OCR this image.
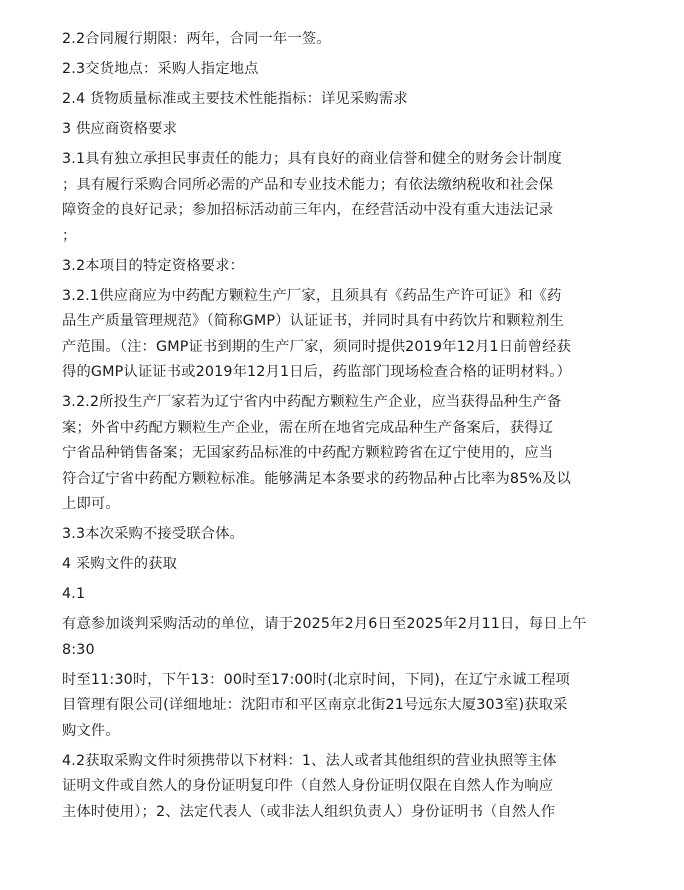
2.2合同履行期限：两年，合同一年一签。
2.3交货地点：采购人指定地点
2.4 货物质量标准或主要技术性能指标：详见采购需求
3 供应商资格要求
3.1具有独立承担民事责任的能力；具有良好的商业信誉和健全的财务会计制度
；具有履行采购合同所必需的产品和专业技术能力；有依法缴纳税收和社会保
障资金的良好记录；参加招标活动前三年内，在经营活动中没有重大违法记录
；
3.2本项目的特定资格要求：
3.2.1供应商应为中药配方颗粒生产厂家，且须具有《药品生产许可证》和《药
品生产质量管理规范》（简称GMP）认证证书，并同时具有中药饮片和颗粒剂生
产范围。（注：GMP证书到期的生产厂家，须同时提供2019年12月1日前曾经获
得的GMP认证证书或2019年12月1日后，药监部门现场检查合格的证明材料。）
3.2.2所投生产厂家若为辽宁省内中药配方颗粒生产企业，应当获得品种生产备
案；外省中药配方颗粒生产企业，需在所在地省完成品种生产备案后，获得辽
宁省品种销售备案；无国家药品标准的中药配方颗粒跨省在辽宁使用的，应当
符合辽宁省中药配方颗粒标准。能够满足本条要求的药物品种占比率为85%及以
上即可。
3.3本次采购不接受联合体。
4 采购文件的获取
4.1
有意参加谈判采购活动的单位，请于2025年2月6日至2025年2月11日，每日上午
8:30
时至11:30时，下午13：00时至17:00时(北京时间，下同)，在辽宁永诚工程项
目管理有限公司(详细地址：沈阳市和平区南京北街21号远东大厦303室)获取采
购文件。
4.2获取采购文件时须携带以下材料：1、法人或者其他组织的营业执照等主体
证明文件或自然人的身份证明复印件（自然人身份证明仅限在自然人作为响应
主体时使用）；2、法定代表人（或非法人组织负责人）身份证明书（自然人作
